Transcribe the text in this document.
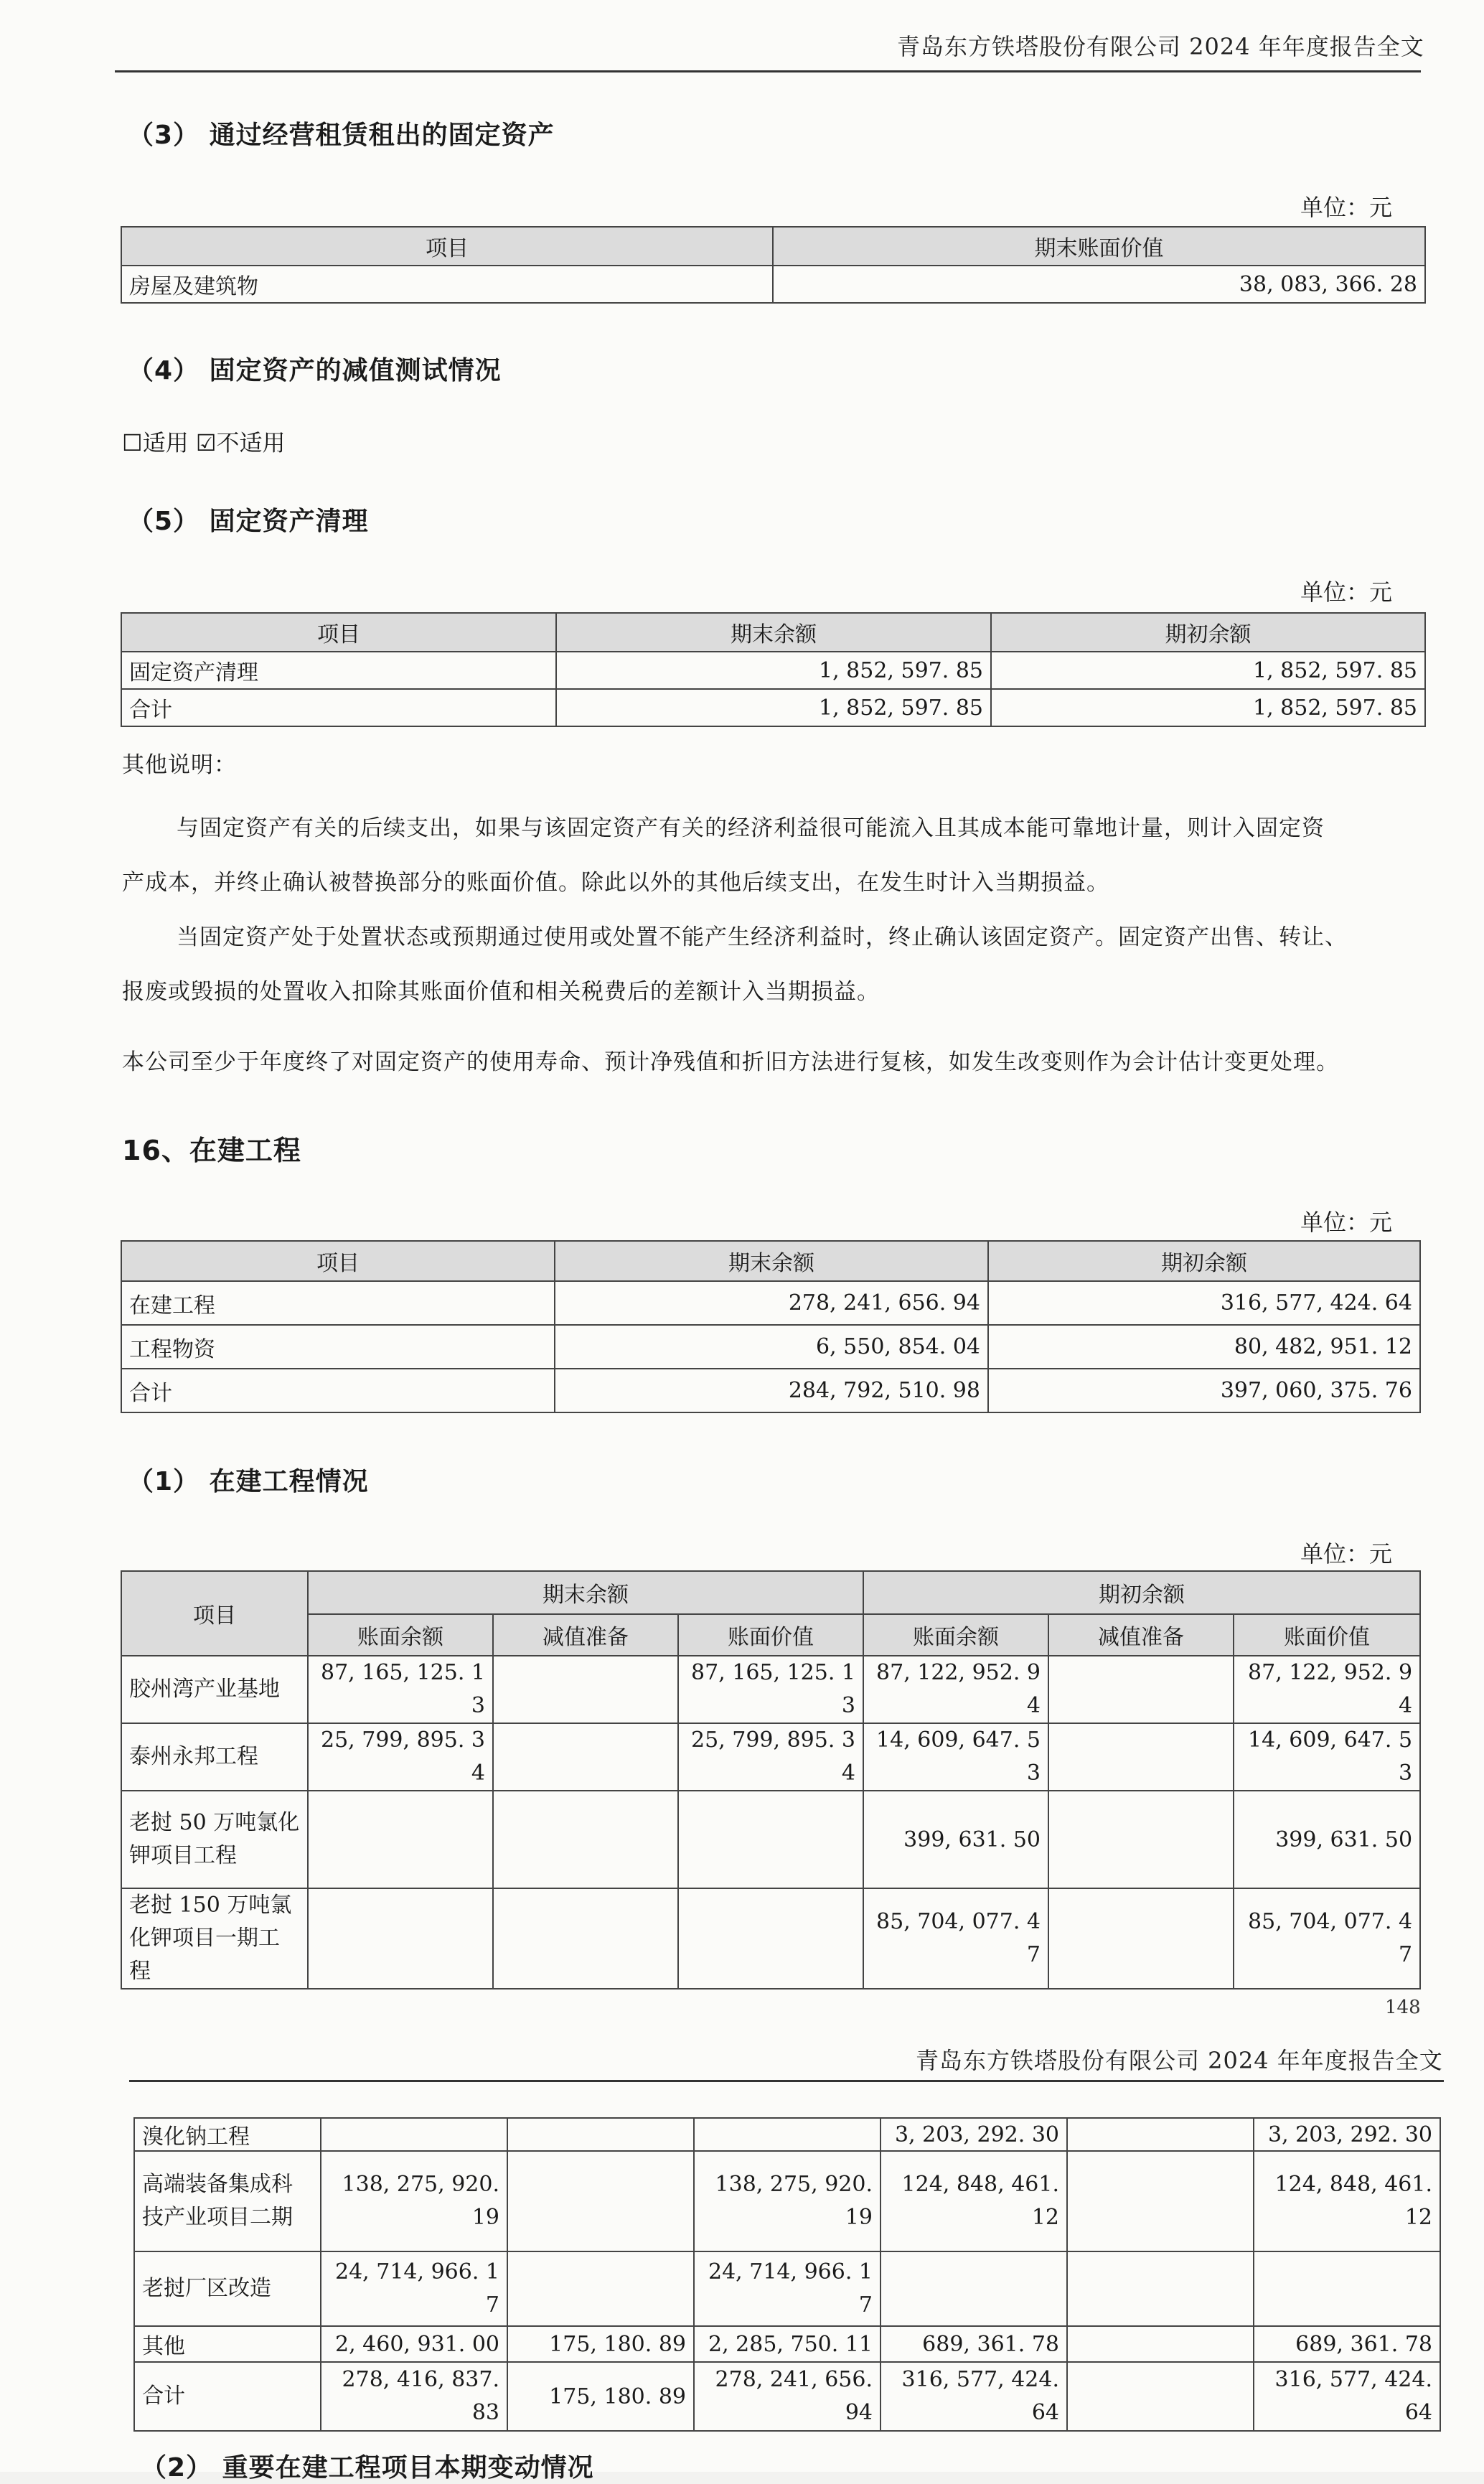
青岛东方铁塔股份有限公司 2024 年年度报告全文
（3） 通过经营租赁租出的固定资产
单位：元
项目	期末账面价值
房屋及建筑物	38, 083, 366. 28
（4） 固定资产的减值测试情况
☐适用 ☑不适用
（5） 固定资产清理
单位：元
项目	期末余额	期初余额
固定资产清理	1, 852, 597. 85	1, 852, 597. 85
合计	1, 852, 597. 85	1, 852, 597. 85
其他说明：
与固定资产有关的后续支出，如果与该固定资产有关的经济利益很可能流入且其成本能可靠地计量，则计入固定资
产成本，并终止确认被替换部分的账面价值。除此以外的其他后续支出，在发生时计入当期损益。
当固定资产处于处置状态或预期通过使用或处置不能产生经济利益时，终止确认该固定资产。固定资产出售、转让、
报废或毁损的处置收入扣除其账面价值和相关税费后的差额计入当期损益。
本公司至少于年度终了对固定资产的使用寿命、预计净残值和折旧方法进行复核，如发生改变则作为会计估计变更处理。
16、在建工程
单位：元
项目	期末余额	期初余额
在建工程	278, 241, 656. 94	316, 577, 424. 64
工程物资	6, 550, 854. 04	80, 482, 951. 12
合计	284, 792, 510. 98	397, 060, 375. 76
（1） 在建工程情况
单位：元
项目	期末余额			期初余额		
	账面余额	减值准备	账面价值	账面余额	减值准备	账面价值
胶州湾产业基地	87, 165, 125. 13		87, 165, 125. 13	87, 122, 952. 94		87, 122, 952. 94
泰州永邦工程	25, 799, 895. 34		25, 799, 895. 34	14, 609, 647. 53		14, 609, 647. 53
老挝 50 万吨氯化钾项目工程				399, 631. 50		399, 631. 50
老挝 150 万吨氯化钾项目一期工程				85, 704, 077. 47		85, 704, 077. 47
148
青岛东方铁塔股份有限公司 2024 年年度报告全文
溴化钠工程				3, 203, 292. 30		3, 203, 292. 30
高端装备集成科技产业项目二期	138, 275, 920. 19		138, 275, 920. 19	124, 848, 461. 12		124, 848, 461. 12
老挝厂区改造	24, 714, 966. 17		24, 714, 966. 17			
其他	2, 460, 931. 00	175, 180. 89	2, 285, 750. 11	689, 361. 78		689, 361. 78
合计	278, 416, 837. 83	175, 180. 89	278, 241, 656. 94	316, 577, 424. 64		316, 577, 424. 64
（2） 重要在建工程项目本期变动情况
